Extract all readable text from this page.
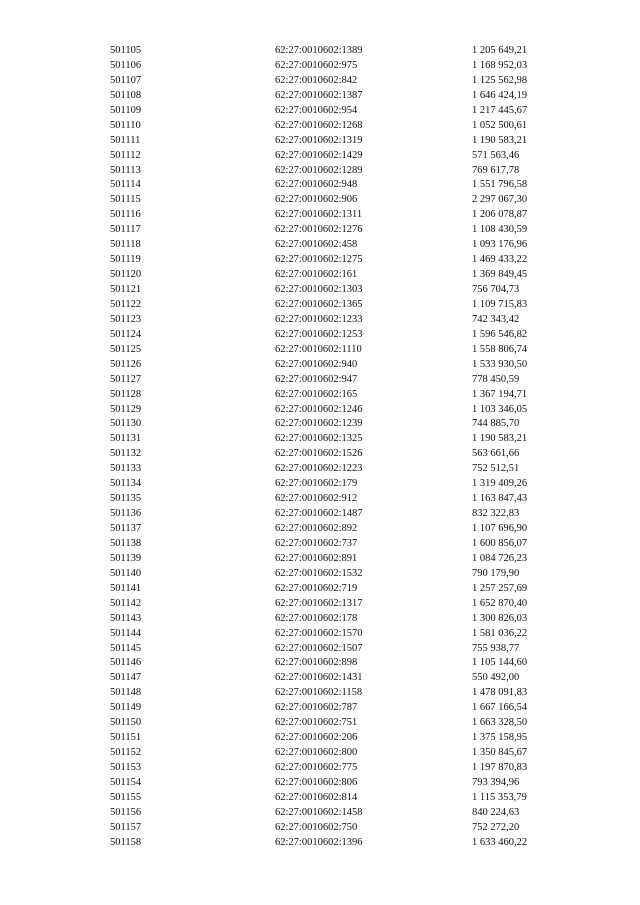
501105	62:27:0010602:1389	1 205 649,21
501106	62:27:0010602:975	1 168 952,03
501107	62:27:0010602:842	1 125 562,98
501108	62:27:0010602:1387	1 646 424,19
501109	62:27:0010602:954	1 217 445,67
501110	62:27:0010602:1268	1 052 500,61
501111	62:27:0010602:1319	1 190 583,21
501112	62:27:0010602:1429	571 563,46
501113	62:27:0010602:1289	769 617,78
501114	62:27:0010602:948	1 551 796,58
501115	62:27:0010602:906	2 297 067,30
501116	62:27:0010602:1311	1 206 078,87
501117	62:27:0010602:1276	1 108 430,59
501118	62:27:0010602:458	1 093 176,96
501119	62:27:0010602:1275	1 469 433,22
501120	62:27:0010602:161	1 369 849,45
501121	62:27:0010602:1303	756 704,73
501122	62:27:0010602:1365	1 109 715,83
501123	62:27:0010602:1233	742 343,42
501124	62:27:0010602:1253	1 596 546,82
501125	62:27:0010602:1110	1 558 806,74
501126	62:27:0010602:940	1 533 930,50
501127	62:27:0010602:947	778 450,59
501128	62:27:0010602:165	1 367 194,71
501129	62:27:0010602:1246	1 103 346,05
501130	62:27:0010602:1239	744 885,70
501131	62:27:0010602:1325	1 190 583,21
501132	62:27:0010602:1526	563 661,66
501133	62:27:0010602:1223	752 512,51
501134	62:27:0010602:179	1 319 409,26
501135	62:27:0010602:912	1 163 847,43
501136	62:27:0010602:1487	832 322,83
501137	62:27:0010602:892	1 107 696,90
501138	62:27:0010602:737	1 600 856,07
501139	62:27:0010602:891	1 084 726,23
501140	62:27:0010602:1532	790 179,90
501141	62:27:0010602:719	1 257 257,69
501142	62:27:0010602:1317	1 652 870,40
501143	62:27:0010602:178	1 300 826,03
501144	62:27:0010602:1570	1 581 036,22
501145	62:27:0010602:1507	755 938,77
501146	62:27:0010602:898	1 105 144,60
501147	62:27:0010602:1431	550 492,00
501148	62:27:0010602:1158	1 478 091,83
501149	62:27:0010602:787	1 667 166,54
501150	62:27:0010602:751	1 663 328,50
501151	62:27:0010602:206	1 375 158,95
501152	62:27:0010602:800	1 350 845,67
501153	62:27:0010602:775	1 197 870,83
501154	62:27:0010602:806	793 394,96
501155	62:27:0010602:814	1 115 353,79
501156	62:27:0010602:1458	840 224,63
501157	62:27:0010602:750	752 272,20
501158	62:27:0010602:1396	1 633 460,22
